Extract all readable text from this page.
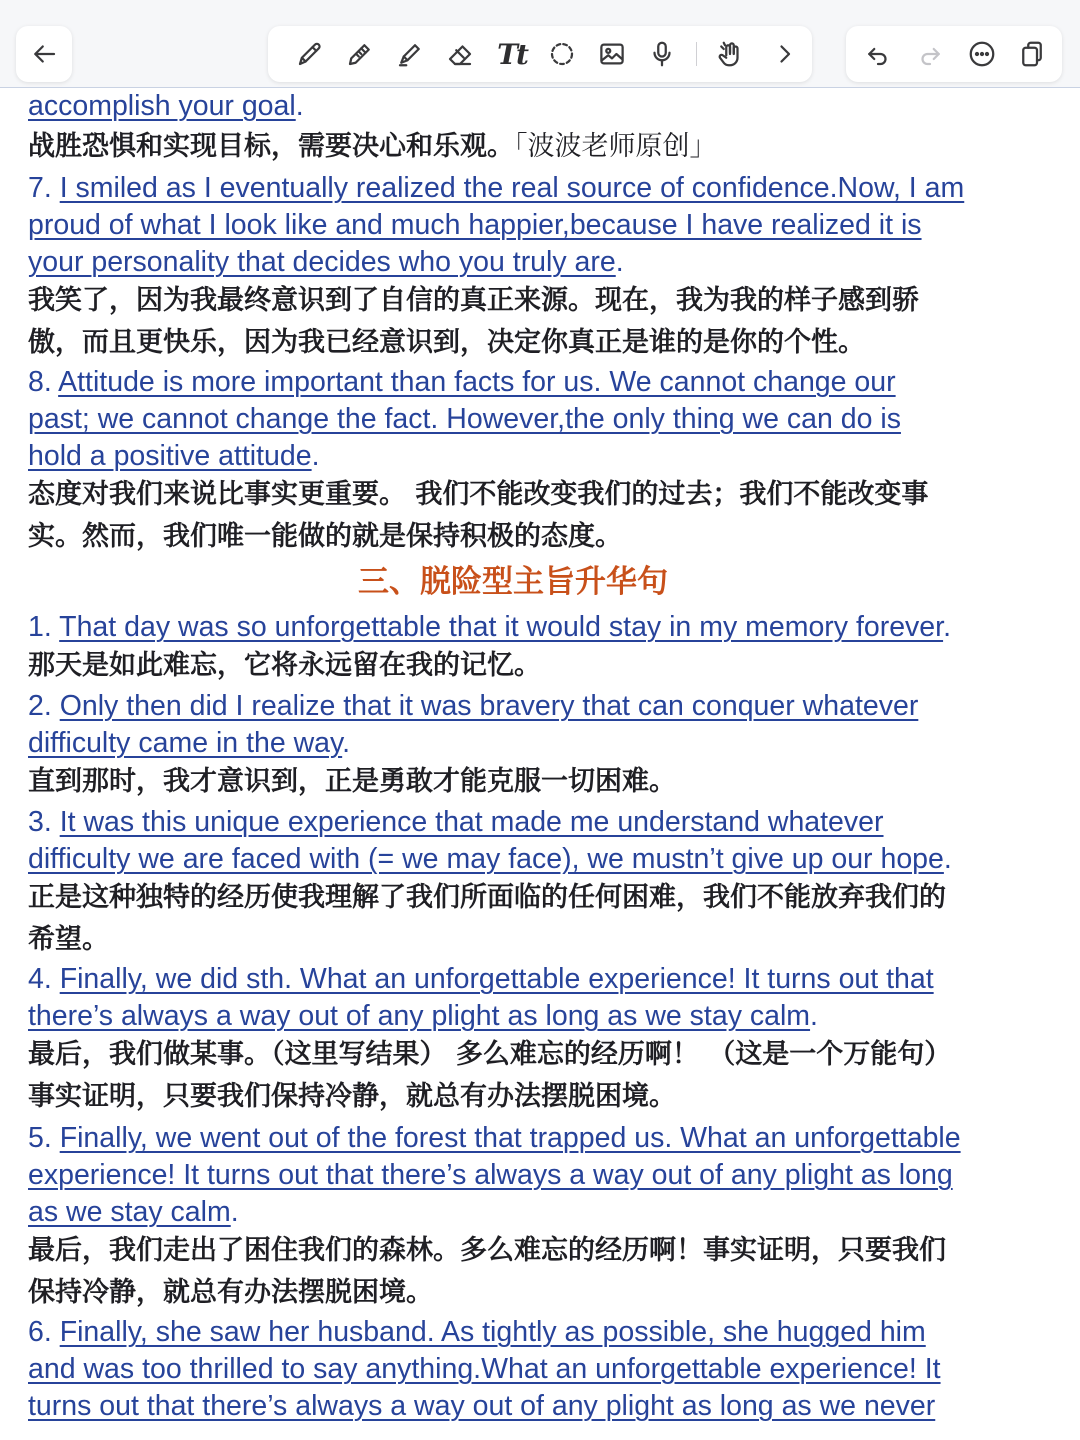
Tt
accomplish your goal.
战胜恐惧和实现目标，需要决心和乐观。「波波老师原创」
7. I smiled as I eventually realized the real source of confidence.Now, I am
proud of what I look like and much happier,because I have realized it is
your personality that decides who you truly are.
我笑了，因为我最终意识到了自信的真正来源。现在，我为我的样子感到骄
傲，而且更快乐，因为我已经意识到，决定你真正是谁的是你的个性。
8. Attitude is more important than facts for us. We cannot change our
past; we cannot change the fact. However,the only thing we can do is
hold a positive attitude.
态度对我们来说比事实更重要。 我们不能改变我们的过去；我们不能改变事
实。然而，我们唯一能做的就是保持积极的态度。
三、脱险型主旨升华句
1. That day was so unforgettable that it would stay in my memory forever.
那天是如此难忘，它将永远留在我的记忆。
2. Only then did I realize that it was bravery that can conquer whatever
difficulty came in the way.
直到那时，我才意识到，正是勇敢才能克服一切困难。
3. It was this unique experience that made me understand whatever
difficulty we are faced with (= we may face), we mustn’t give up our hope.
正是这种独特的经历使我理解了我们所面临的任何困难，我们不能放弃我们的
希望。
4. Finally, we did sth. What an unforgettable experience! It turns out that
there’s always a way out of any plight as long as we stay calm.
最后，我们做某事。（这里写结果） 多么难忘的经历啊！ （这是一个万能句）
事实证明，只要我们保持冷静，就总有办法摆脱困境。
5. Finally, we went out of the forest that trapped us. What an unforgettable
experience! It turns out that there’s always a way out of any plight as long
as we stay calm.
最后，我们走出了困住我们的森林。多么难忘的经历啊！事实证明，只要我们
保持冷静，就总有办法摆脱困境。
6. Finally, she saw her husband. As tightly as possible, she hugged him
and was too thrilled to say anything.What an unforgettable experience! It
turns out that there’s always a way out of any plight as long as we never
